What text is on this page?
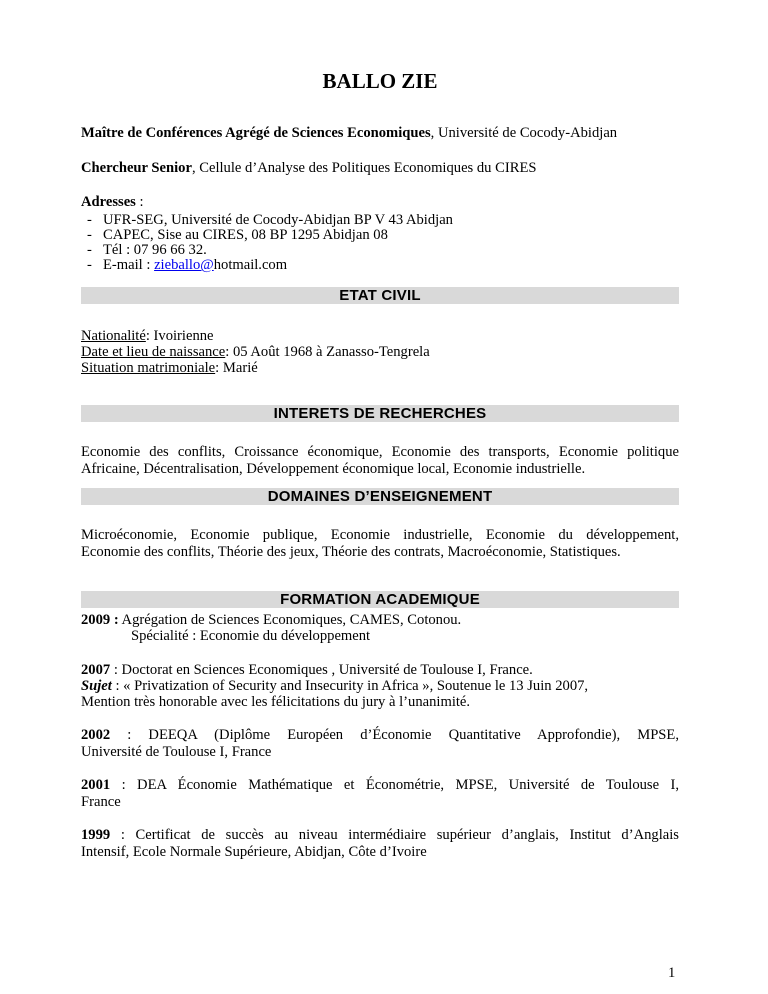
BALLO ZIE
Maître de Conférences Agrégé de Sciences Economiques, Université de Cocody-Abidjan
Chercheur Senior, Cellule d’Analyse des Politiques Economiques du CIRES
Adresses :
- UFR-SEG, Université de Cocody-Abidjan BP V 43 Abidjan
- CAPEC, Sise au CIRES, 08 BP 1295 Abidjan 08
- Tél : 07 96 66 32.
- E-mail : zieballo@hotmail.com
ETAT CIVIL
Nationalité: Ivoirienne
Date et lieu de naissance: 05 Août 1968 à Zanasso-Tengrela
Situation matrimoniale: Marié
INTERETS DE RECHERCHES
Economie des conflits, Croissance économique, Economie des transports, Economie politique
Africaine, Décentralisation, Développement économique local, Economie industrielle.
DOMAINES D’ENSEIGNEMENT
Microéconomie, Economie publique, Economie industrielle, Economie du développement,
Economie des conflits, Théorie des jeux, Théorie des contrats, Macroéconomie, Statistiques.
FORMATION ACADEMIQUE
2009 : Agrégation de Sciences Economiques, CAMES, Cotonou.
Spécialité : Economie du développement
2007 : Doctorat en Sciences Economiques , Université de Toulouse I, France.
Sujet : « Privatization of Security and Insecurity in Africa », Soutenue le 13 Juin 2007,
Mention très honorable avec les félicitations du jury à l’unanimité.
2002 : DEEQA (Diplôme Européen d’Économie Quantitative Approfondie), MPSE,
Université de Toulouse I, France
2001 : DEA Économie Mathématique et Économétrie, MPSE, Université de Toulouse I,
France
1999 : Certificat de succès au niveau intermédiaire supérieur d’anglais, Institut d’Anglais
Intensif, Ecole Normale Supérieure, Abidjan, Côte d’Ivoire
1
